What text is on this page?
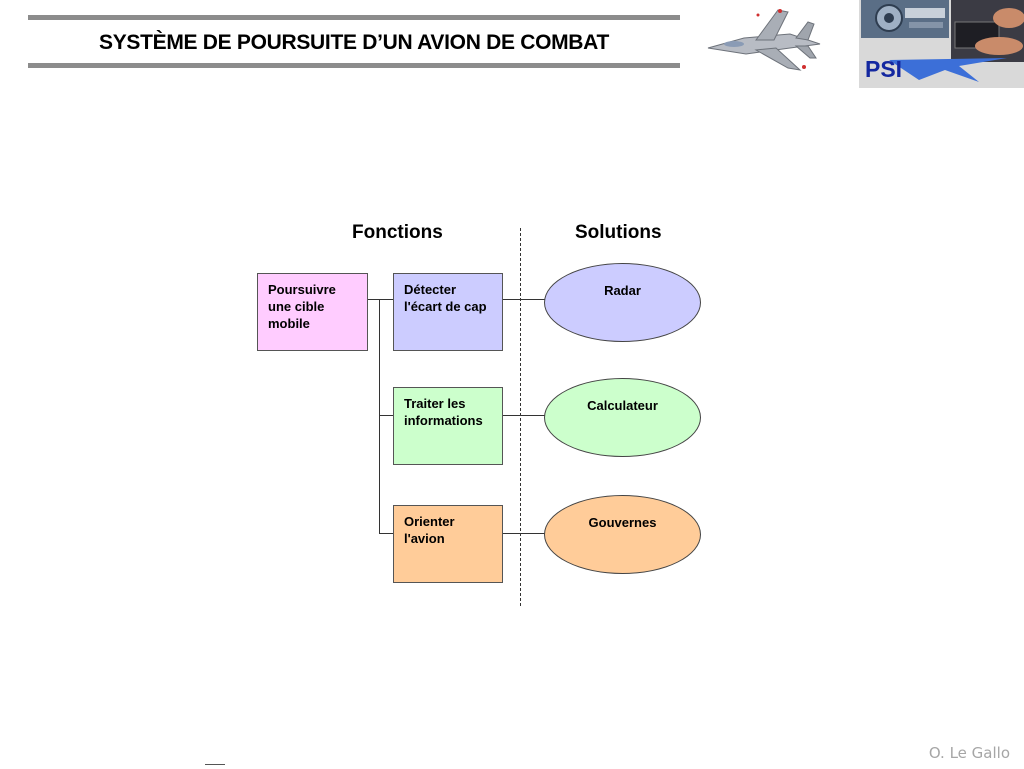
SYSTÈME DE POURSUITE D’UN AVION DE COMBAT
PSI
Fonctions	Solutions
Poursuivre une cible mobile
Détecter l'écart de cap
Traiter les informations
Orienter l'avion
Radar
Calculateur
Gouvernes
O. Le Gallo
